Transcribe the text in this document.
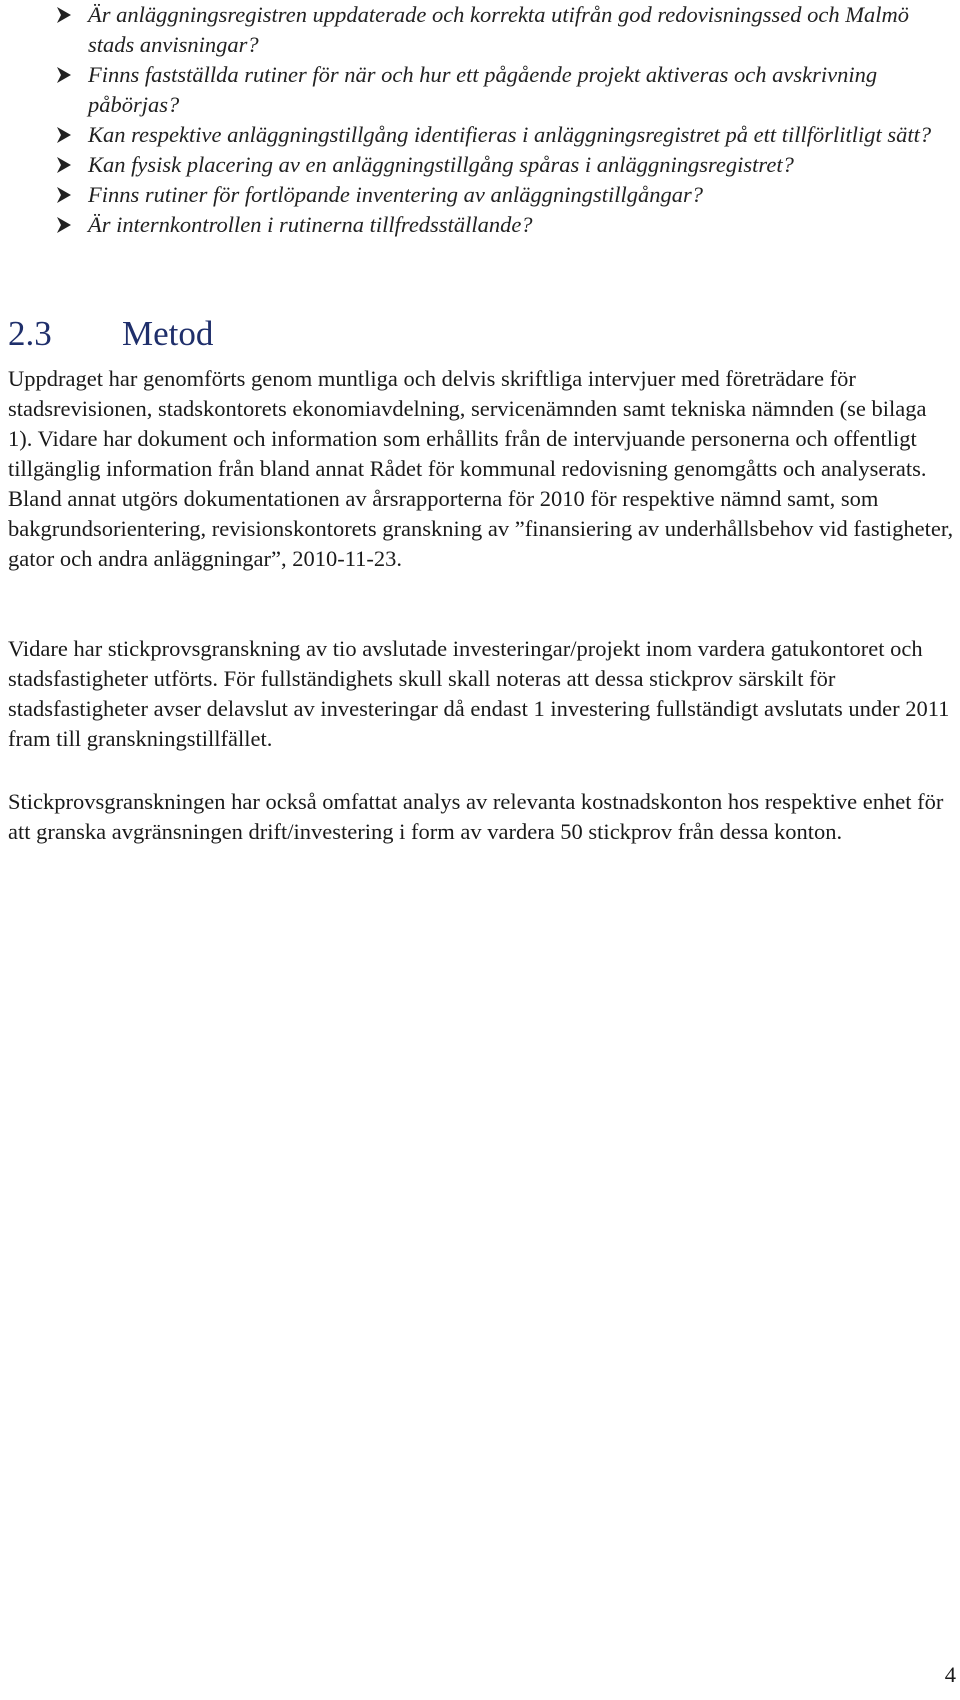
Är anläggningsregistren uppdaterade och korrekta utifrån god redovisningssed och Malmö stads anvisningar?
Finns fastställda rutiner för när och hur ett pågående projekt aktiveras och avskrivning påbörjas?
Kan respektive anläggningstillgång identifieras i anläggningsregistret på ett tillförlitligt sätt?
Kan fysisk placering av en anläggningstillgång spåras i anläggningsregistret?
Finns rutiner för fortlöpande inventering av anläggningstillgångar?
Är internkontrollen i rutinerna tillfredsställande?
2.3 Metod

Uppdraget har genomförts genom muntliga och delvis skriftliga intervjuer med företrädare för stadsrevisionen, stadskontorets ekonomiavdelning, servicenämnden samt tekniska nämnden (se bilaga 1). Vidare har dokument och information som erhållits från de intervjuande personerna och offentligt tillgänglig information från bland annat Rådet för kommunal redovisning genomgåtts och analyserats. Bland annat utgörs dokumentationen av årsrapporterna för 2010 för respektive nämnd samt, som bakgrundsorientering, revisionskontorets granskning av ”finansiering av underhållsbehov vid fastigheter, gator och andra anläggningar”, 2010-11-23.

Vidare har stickprovsgranskning av tio avslutade investeringar/projekt inom vardera gatukontoret och stadsfastigheter utförts. För fullständighets skull skall noteras att dessa stickprov särskilt för stadsfastigheter avser delavslut av investeringar då endast 1 investering fullständigt avslutats under 2011 fram till granskningstillfället.

Stickprovsgranskningen har också omfattat analys av relevanta kostnadskonton hos respektive enhet för att granska avgränsningen drift/investering i form av vardera 50 stickprov från dessa konton.

4
